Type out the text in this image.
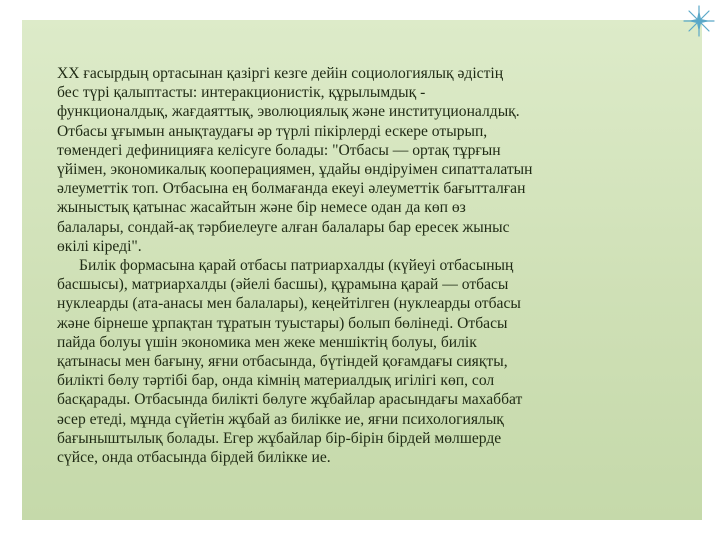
XX ғасырдың ортасынан қазіргі кезге дейін социологиялық әдістің
бес түрі қалыптасты: интеракционистік, құрылымдық -
функционалдық, жағдаяттық, эволюциялық және институционалдық.
Отбасы ұғымын анықтаудағы әр түрлі пікірлерді ескере отырып,
төмендегі дефиницияға келісуге болады: "Отбасы — ортақ тұрғын
үйімен, экономикалық кооперациямен, ұдайы өндіруімен сипатталатын
әлеуметтік топ. Отбасына ең болмағанда екеуі әлеуметтік бағытталған
жыныстық қатынас жасайтын және бір немесе одан да көп өз
балалары, сондай-ақ тәрбиелеуге алған балалары бар ересек жыныс
өкілі кіреді".

Билік формасына қарай отбасы патриархалды (күйеуі отбасының
басшысы), матриархалды (әйелі басшы), құрамына қарай — отбасы
нуклеарды (ата-анасы мен балалары), кеңейтілген (нуклеарды отбасы
және бірнеше ұрпақтан тұратын туыстары) болып бөлінеді. Отбасы
пайда болуы үшін экономика мен жеке меншіктің болуы, билік
қатынасы мен бағыну, яғни отбасында, бүтіндей қоғамдағы сияқты,
билікті бөлу тәртібі бар, онда кімнің материалдық игілігі көп, сол
басқарады. Отбасында билікті бөлуге жұбайлар арасындағы махаббат
әсер етеді, мұнда сүйетін жұбай аз билікке ие, яғни психологиялық
бағыныштылық болады. Егер жұбайлар бір-бірін бірдей мөлшерде
сүйсе, онда отбасында бірдей билікке ие.
